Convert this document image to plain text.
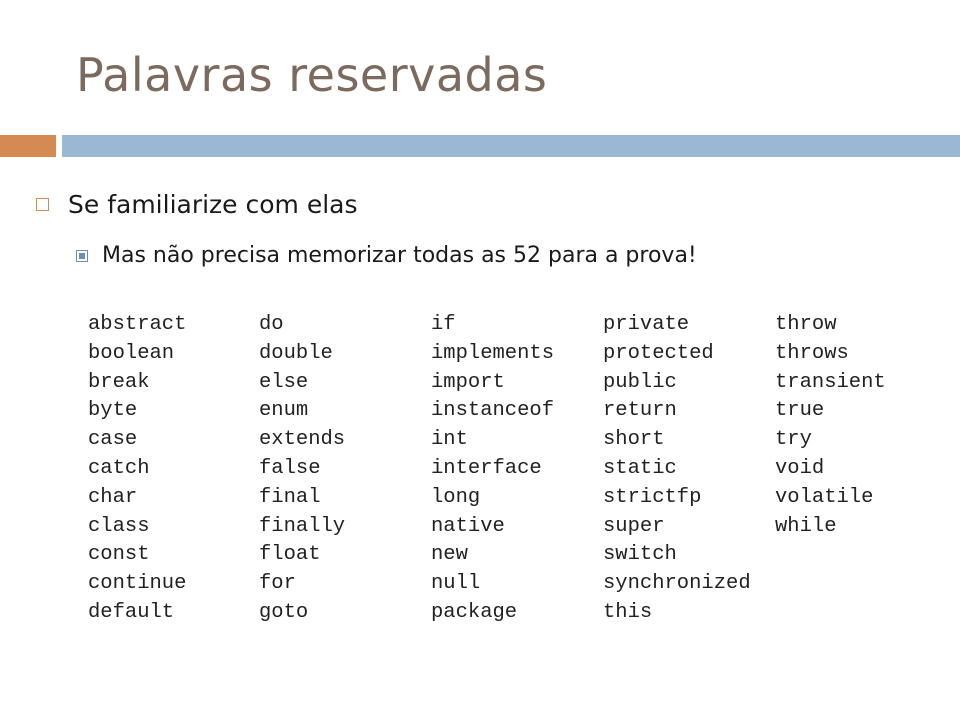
Palavras reservadas
Se familiarize com elas
Mas não precisa memorizar todas as 52 para a prova!
abstract
boolean
break
byte
case
catch
char
class
const
continue
default
do
double
else
enum
extends
false
final
finally
float
for
goto
if
implements
import
instanceof
int
interface
long
native
new
null
package
private
protected
public
return
short
static
strictfp
super
switch
synchronized
this
throw
throws
transient
true
try
void
volatile
while
